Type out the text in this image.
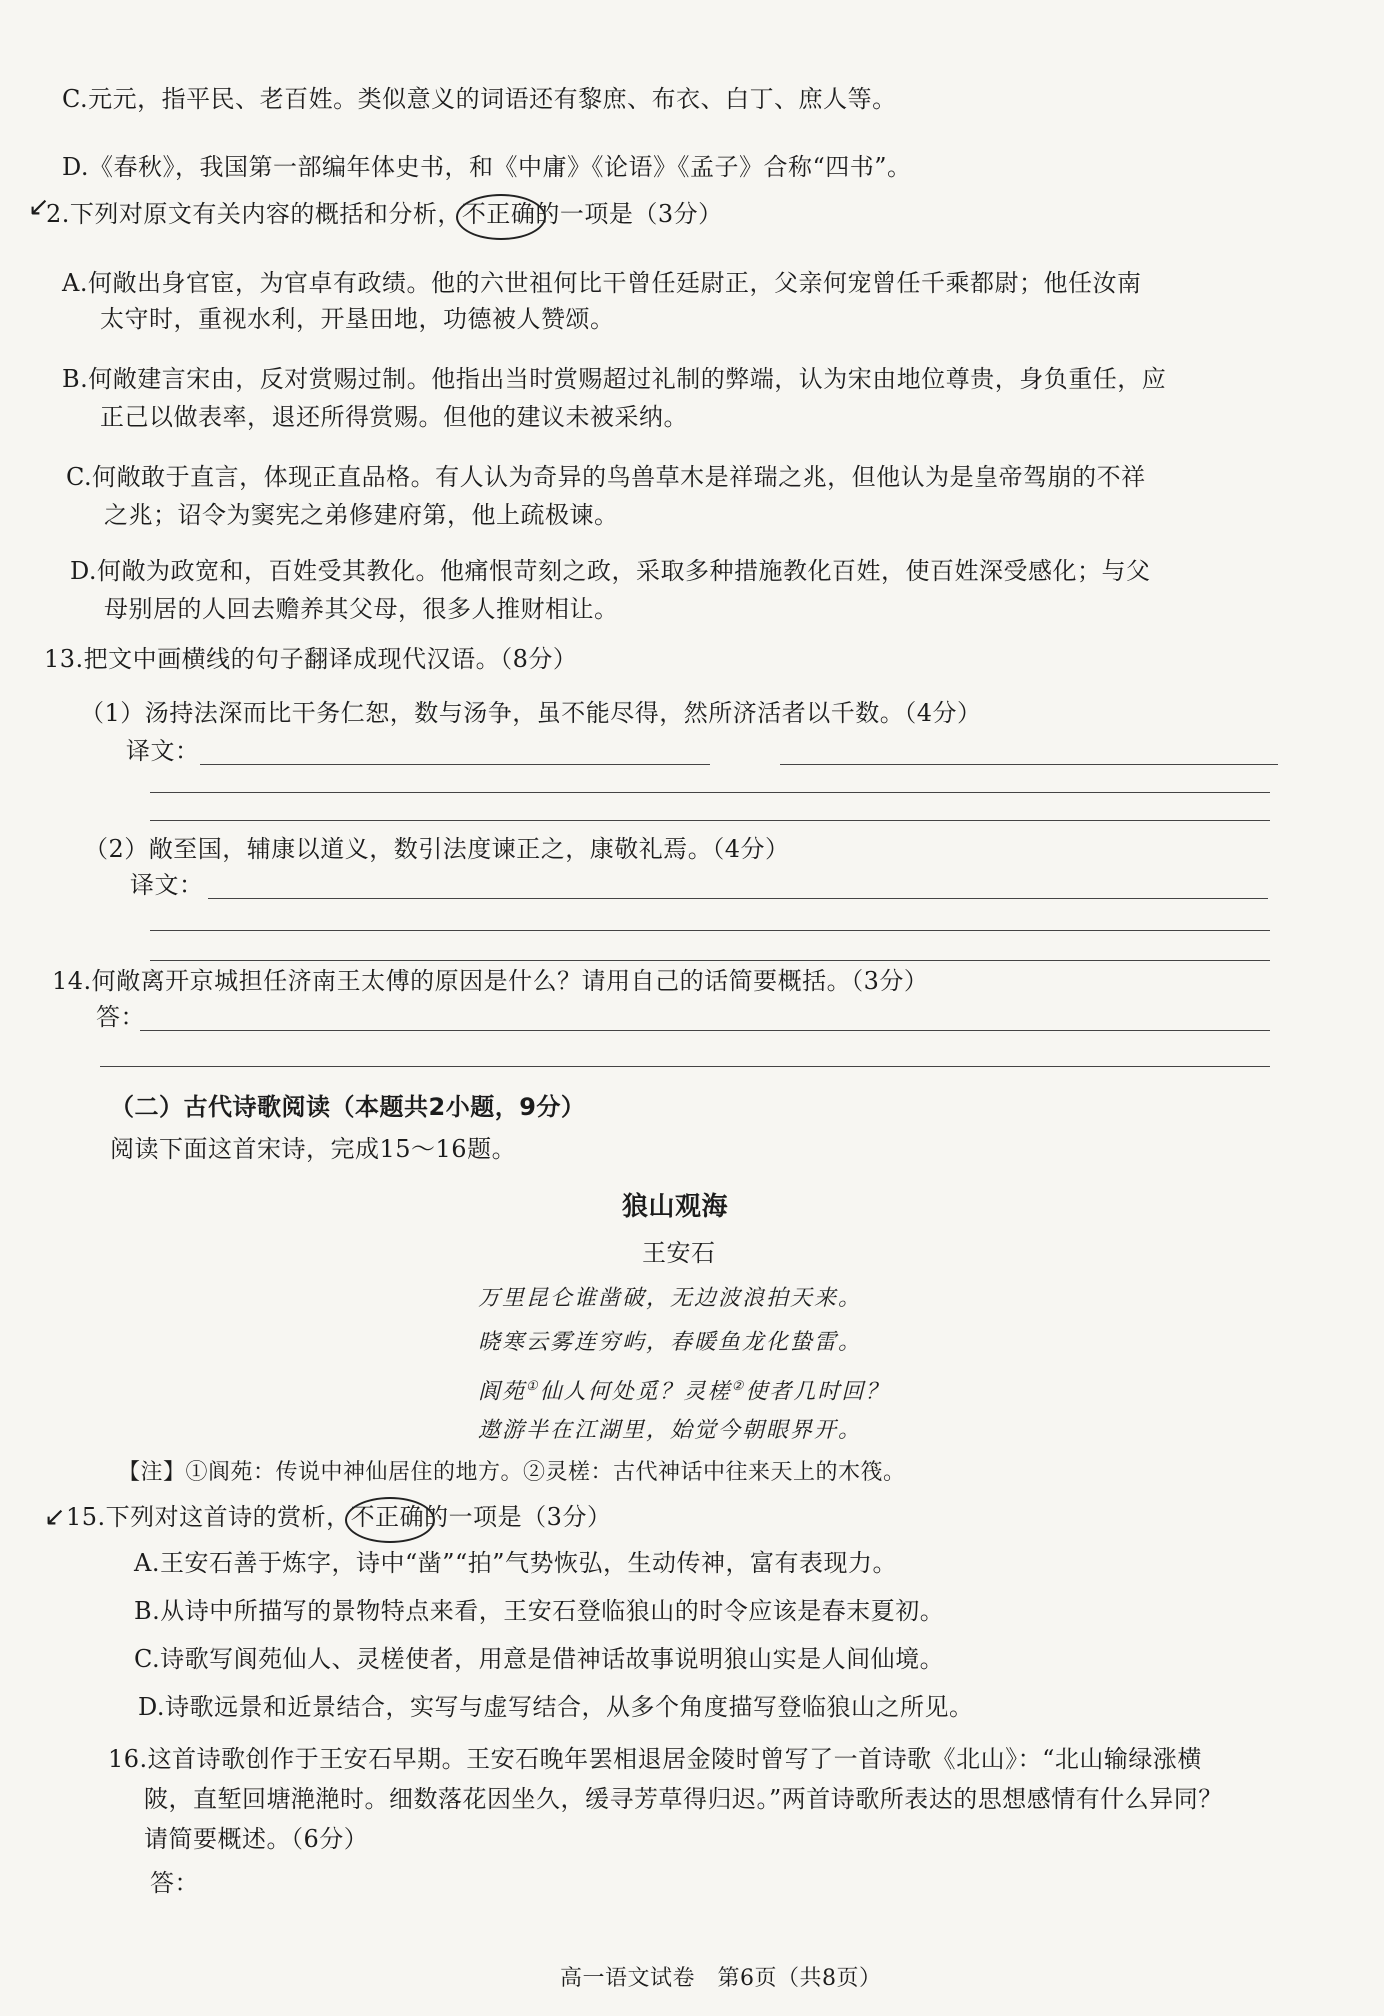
C.元元，指平民、老百姓。类似意义的词语还有黎庶、布衣、白丁、庶人等。
D.《春秋》，我国第一部编年体史书，和《中庸》《论语》《孟子》合称“四书”。
↙
2.下列对原文有关内容的概括和分析，不正确
的一项是（3分）
A.何敞出身官宦，为官卓有政绩。他的六世祖何比干曾任廷尉正，父亲何宠曾任千乘都尉；他任汝南
太守时，重视水利，开垦田地，功德被人赞颂。
B.何敞建言宋由，反对赏赐过制。他指出当时赏赐超过礼制的弊端，认为宋由地位尊贵，身负重任，应
正己以做表率，退还所得赏赐。但他的建议未被采纳。
C.何敞敢于直言，体现正直品格。有人认为奇异的鸟兽草木是祥瑞之兆，但他认为是皇帝驾崩的不祥
之兆；诏令为窦宪之弟修建府第，他上疏极谏。
D.何敞为政宽和，百姓受其教化。他痛恨苛刻之政，采取多种措施教化百姓，使百姓深受感化；与父
母别居的人回去赡养其父母，很多人推财相让。
13.把文中画横线的句子翻译成现代汉语。（8分）
（1）汤持法深而比干务仁恕，数与汤争，虽不能尽得，然所济活者以千数。（4分）
译文：
（2）敞至国，辅康以道义，数引法度谏正之，康敬礼焉。（4分）
译文：
14.何敞离开京城担任济南王太傅的原因是什么？请用自己的话简要概括。（3分）
答：
（二）古代诗歌阅读（本题共2小题，9分）
阅读下面这首宋诗，完成15～16题。
狼山观海
王安石
万里昆仑谁凿破，无边波浪拍天来。
晓寒云雾连穷屿，春暖鱼龙化蛰雷。
阆苑①仙人何处觅？灵槎②使者几时回？
遨游半在江湖里，始觉今朝眼界开。
【注】①阆苑：传说中神仙居住的地方。②灵槎：古代神话中往来天上的木筏。
↙ 15.下列对这首诗的赏析，不正确
的一项是（3分）
A.王安石善于炼字，诗中“凿”“拍”气势恢弘，生动传神，富有表现力。
B.从诗中所描写的景物特点来看，王安石登临狼山的时令应该是春末夏初。
C.诗歌写阆苑仙人、灵槎使者，用意是借神话故事说明狼山实是人间仙境。
D.诗歌远景和近景结合，实写与虚写结合，从多个角度描写登临狼山之所见。
16.这首诗歌创作于王安石早期。王安石晚年罢相退居金陵时曾写了一首诗歌《北山》：“北山输绿涨横
陂，直堑回塘滟滟时。细数落花因坐久，缓寻芳草得归迟。”两首诗歌所表达的思想感情有什么异同？
请简要概述。（6分）
答：
高一语文试卷　第6页（共8页）
